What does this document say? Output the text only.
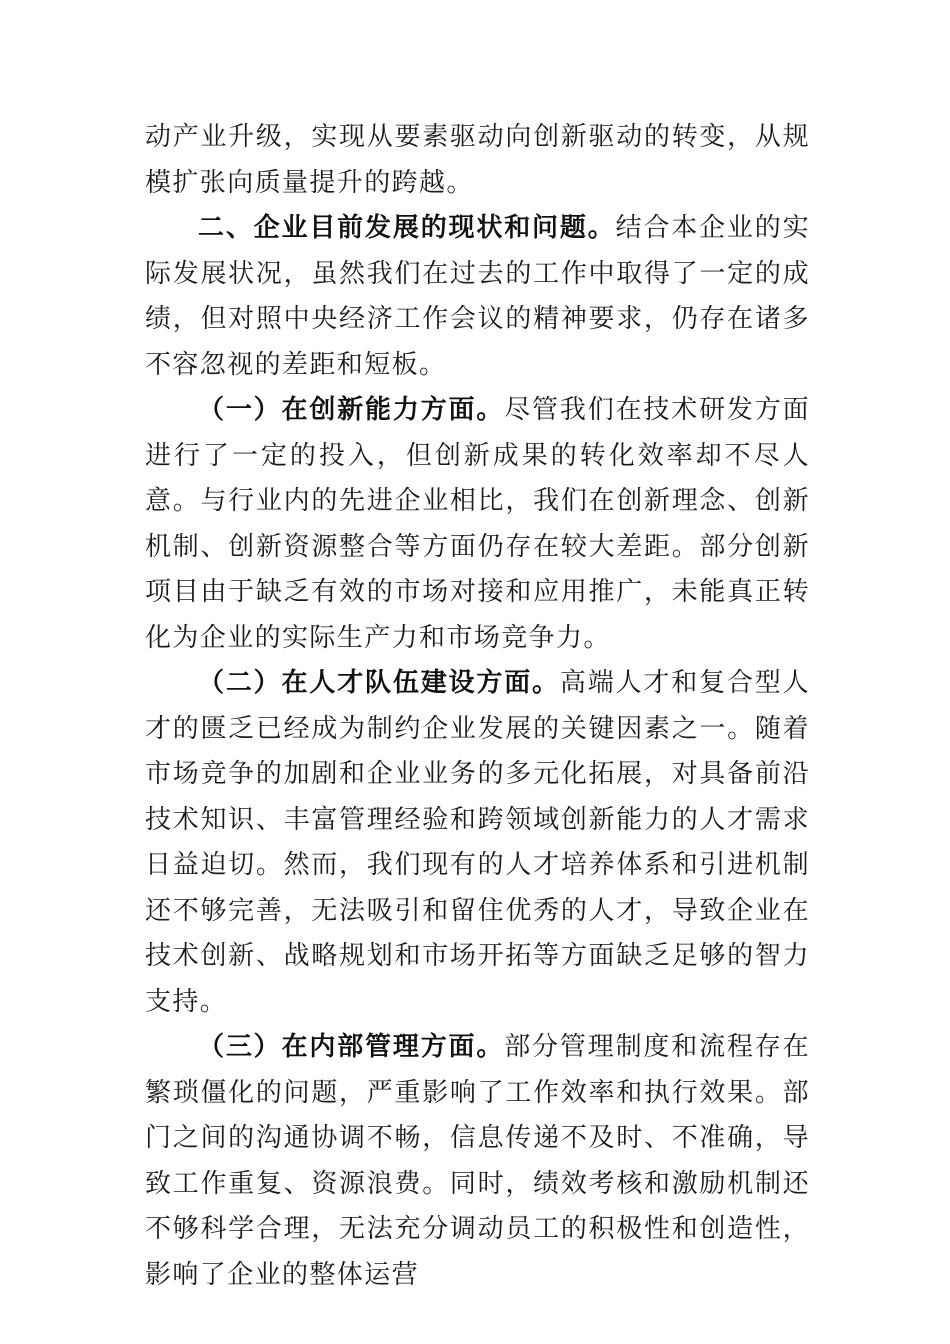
动产业升级，实现从要素驱动向创新驱动的转变，从规模扩张向质量提升的跨越。

二、企业目前发展的现状和问题。结合本企业的实际发展状况，虽然我们在过去的工作中取得了一定的成绩，但对照中央经济工作会议的精神要求，仍存在诸多不容忽视的差距和短板。

（一）在创新能力方面。尽管我们在技术研发方面进行了一定的投入，但创新成果的转化效率却不尽人意。与行业内的先进企业相比，我们在创新理念、创新机制、创新资源整合等方面仍存在较大差距。部分创新项目由于缺乏有效的市场对接和应用推广，未能真正转化为企业的实际生产力和市场竞争力。

（二）在人才队伍建设方面。高端人才和复合型人才的匮乏已经成为制约企业发展的关键因素之一。随着市场竞争的加剧和企业业务的多元化拓展，对具备前沿技术知识、丰富管理经验和跨领域创新能力的人才需求日益迫切。然而，我们现有的人才培养体系和引进机制还不够完善，无法吸引和留住优秀的人才，导致企业在技术创新、战略规划和市场开拓等方面缺乏足够的智力支持。

（三）在内部管理方面。部分管理制度和流程存在繁琐僵化的问题，严重影响了工作效率和执行效果。部门之间的沟通协调不畅，信息传递不及时、不准确，导致工作重复、资源浪费。同时，绩效考核和激励机制还不够科学合理，无法充分调动员工的积极性和创造性，影响了企业的整体运营
